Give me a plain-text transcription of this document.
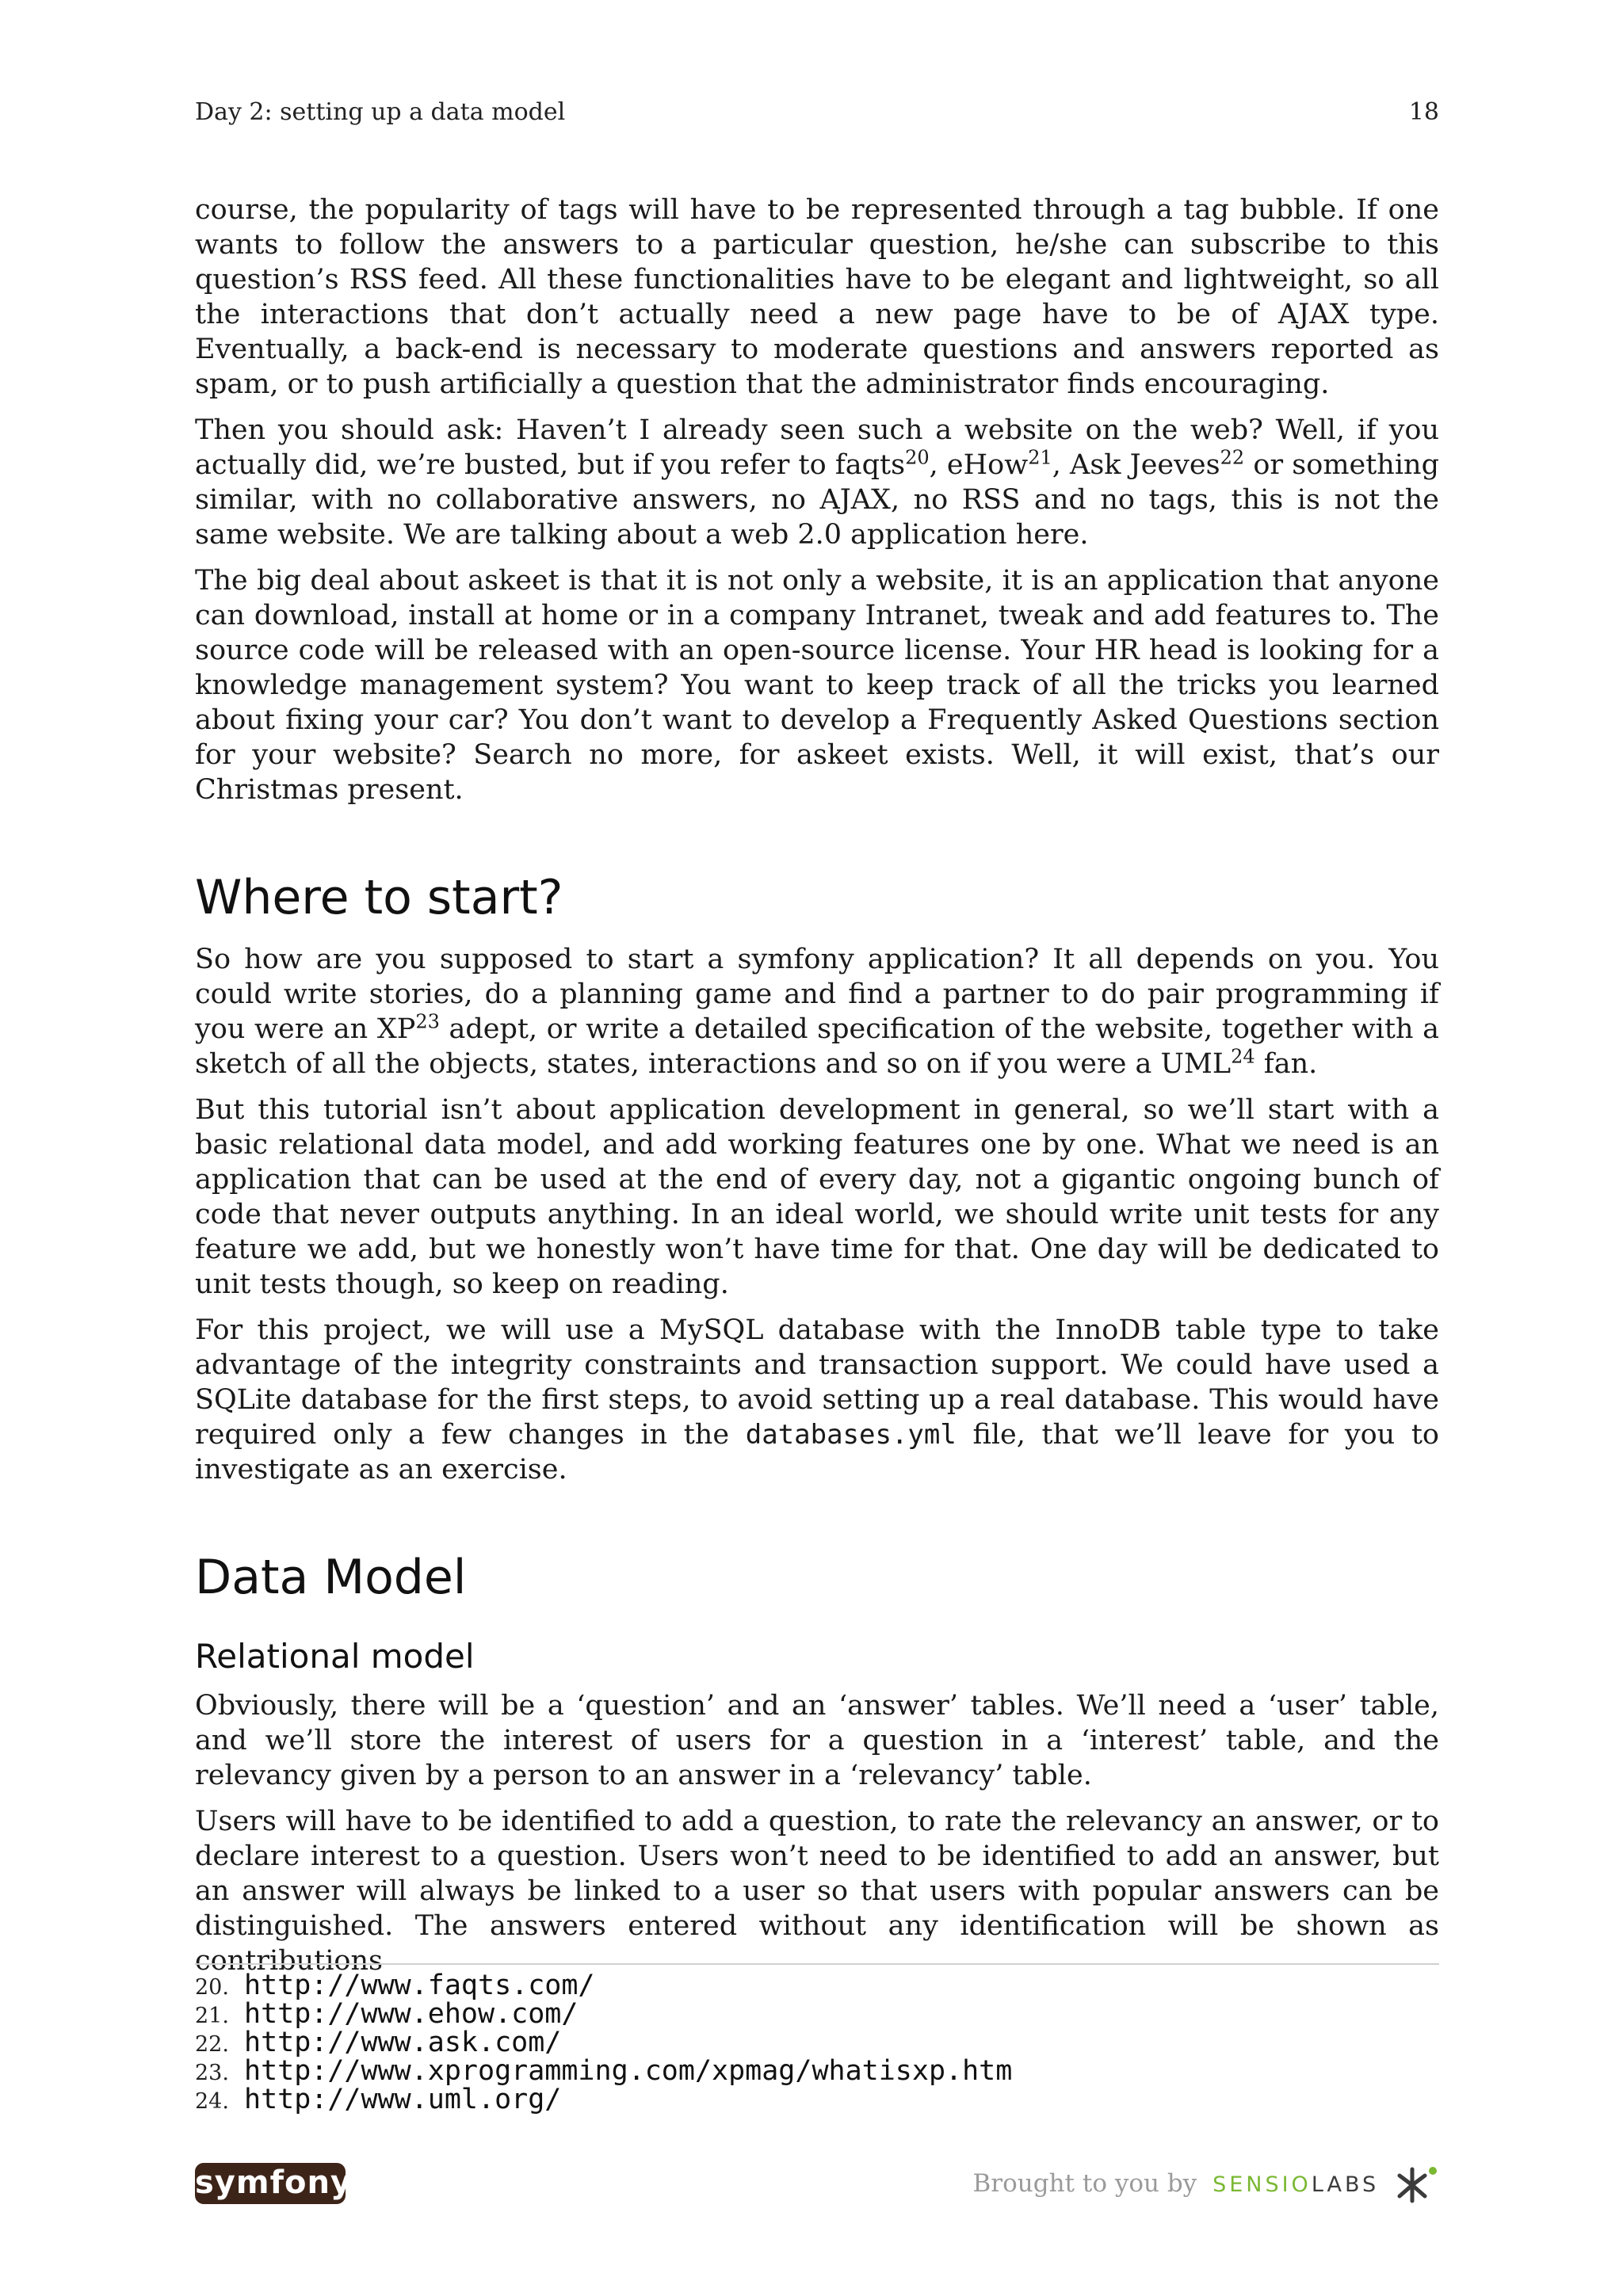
Day 2: setting up a data model	18

course, the popularity of tags will have to be represented through a tag bubble. If one wants to follow the answers to a particular question, he/she can subscribe to this question’s RSS feed. All these functionalities have to be elegant and lightweight, so all the interactions that don’t actually need a new page have to be of AJAX type. Eventually, a back-end is necessary to moderate questions and answers reported as spam, or to push artificially a question that the administrator finds encouraging.

Then you should ask: Haven’t I already seen such a website on the web? Well, if you actually did, we’re busted, but if you refer to faqts$^{20}$, eHow$^{21}$, Ask Jeeves$^{22}$ or something similar, with no collaborative answers, no AJAX, no RSS and no tags, this is not the same website. We are talking about a web 2.0 application here.

The big deal about askeet is that it is not only a website, it is an application that anyone can download, install at home or in a company Intranet, tweak and add features to. The source code will be released with an open-source license. Your HR head is looking for a knowledge management system? You want to keep track of all the tricks you learned about fixing your car? You don’t want to develop a Frequently Asked Questions section for your website? Search no more, for askeet exists. Well, it will exist, that’s our Christmas present.

Where to start?

So how are you supposed to start a symfony application? It all depends on you. You could write stories, do a planning game and find a partner to do pair programming if you were an XP$^{23}$ adept, or write a detailed specification of the website, together with a sketch of all the objects, states, interactions and so on if you were a UML$^{24}$ fan.

But this tutorial isn’t about application development in general, so we’ll start with a basic relational data model, and add working features one by one. What we need is an application that can be used at the end of every day, not a gigantic ongoing bunch of code that never outputs anything. In an ideal world, we should write unit tests for any feature we add, but we honestly won’t have time for that. One day will be dedicated to unit tests though, so keep on reading.

For this project, we will use a MySQL database with the InnoDB table type to take advantage of the integrity constraints and transaction support. We could have used a SQLite database for the first steps, to avoid setting up a real database. This would have required only a few changes in the databases.yml file, that we’ll leave for you to investigate as an exercise.

Data Model
Relational model

Obviously, there will be a ‘question’ and an ‘answer’ tables. We’ll need a ‘user’ table, and we’ll store the interest of users for a question in a ‘interest’ table, and the relevancy given by a person to an answer in a ‘relevancy’ table.

Users will have to be identified to add a question, to rate the relevancy an answer, or to declare interest to a question. Users won’t need to be identified to add an answer, but an answer will always be linked to a user so that users with popular answers can be distinguished. The answers entered without any identification will be shown as contributions

20. http://www.faqts.com/
21. http://www.ehow.com/
22. http://www.ask.com/
23. http://www.xprogramming.com/xpmag/whatisxp.htm
24. http://www.uml.org/
symfony	Brought to you by SENSIOLABS
